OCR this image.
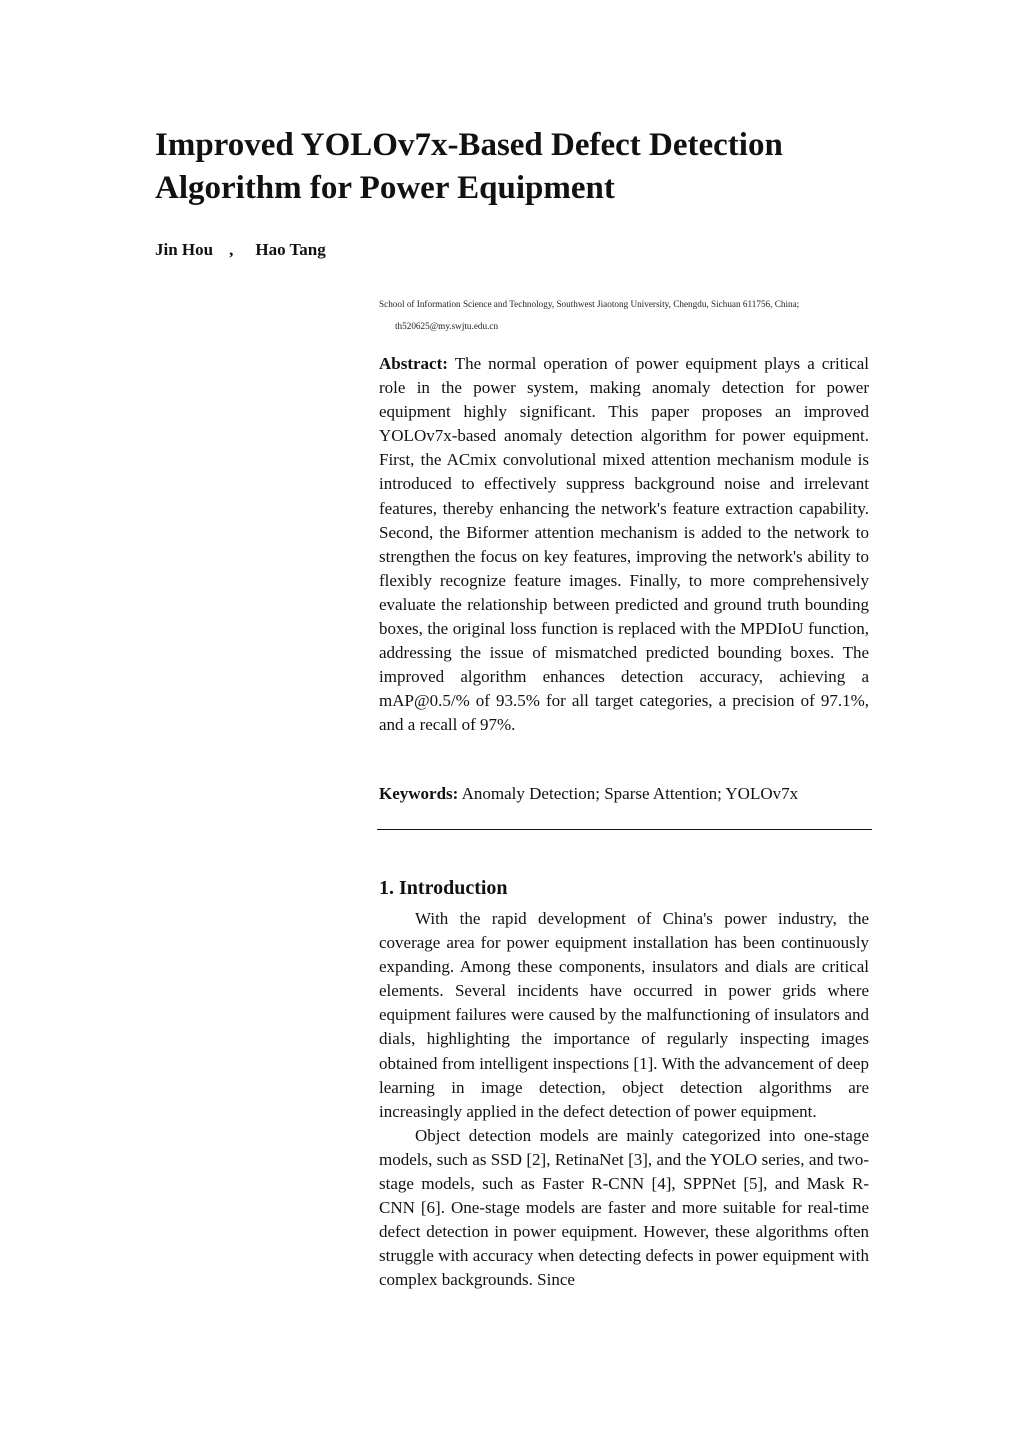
Improved YOLOv7x-Based Defect Detection
Algorithm for Power Equipment
Jin Hou , Hao Tang
School of Information Science and Technology, Southwest Jiaotong University, Chengdu, Sichuan 611756, China;
th520625@my.swjtu.edu.cn
Abstract: The normal operation of power equipment plays a critical role in the power system, making anomaly detection for power equipment highly significant. This paper proposes an improved YOLOv7x-based anomaly detection algorithm for power equipment. First, the ACmix convolutional mixed attention mechanism module is introduced to effectively suppress background noise and irrelevant features, thereby enhancing the network's feature extraction capability. Second, the Biformer attention mechanism is added to the network to strengthen the focus on key features, improving the network's ability to flexibly recognize feature images. Finally, to more comprehensively evaluate the relationship between predicted and ground truth bounding boxes, the original loss function is replaced with the MPDIoU function, addressing the issue of mismatched predicted bounding boxes. The improved algorithm enhances detection accuracy, achieving a mAP@0.5/% of 93.5% for all target categories, a precision of 97.1%, and a recall of 97%.
Keywords: Anomaly Detection; Sparse Attention; YOLOv7x
1. Introduction

With the rapid development of China's power industry, the coverage area for power equipment installation has been continuously expanding. Among these components, insulators and dials are critical elements. Several incidents have occurred in power grids where equipment failures were caused by the malfunctioning of insulators and dials, highlighting the importance of regularly inspecting images obtained from intelligent inspections [1]. With the advancement of deep learning in image detection, object detection algorithms are increasingly applied in the defect detection of power equipment.

Object detection models are mainly categorized into one-stage models, such as SSD [2], RetinaNet [3], and the YOLO series, and two-stage models, such as Faster R-CNN [4], SPPNet [5], and Mask R-CNN [6]. One-stage models are faster and more suitable for real-time defect detection in power equipment. However, these algorithms often struggle with accuracy when detecting defects in power equipment with complex backgrounds. Since
